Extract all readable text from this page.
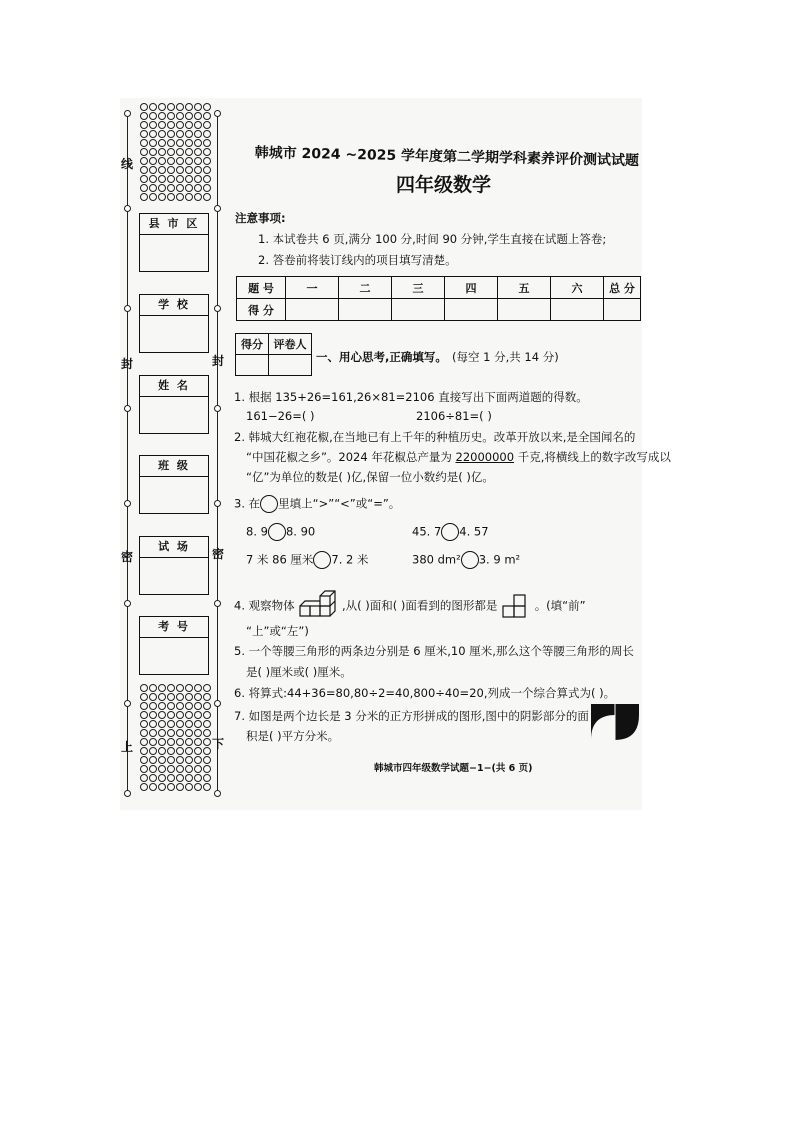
线
封
密
上
封
密
下
县 市 区
学 校
姓 名
班 级
试 场
考 号
韩城市 2024 ~2025 学年度第二学期学科素养评价测试试题
四年级数学
注意事项:
1. 本试卷共 6 页,满分 100 分,时间 90 分钟,学生直接在试题上答卷;
2. 答卷前将装订线内的项目填写清楚。
题 号	一	二	三	四	五	六	总 分
得 分							
得分	评卷人

一、用心思考,正确填写。 (每空 1 分,共 14 分)
1. 根据 135+26=161,26×81=2106 直接写出下面两道题的得数。
161−26=( )	2106÷81=( )
2. 韩城大红袍花椒,在当地已有上千年的种植历史。改革开放以来,是全国闻名的
“中国花椒之乡”。2024 年花椒总产量为 22000000 千克,将横线上的数字改写成以
“亿”为单位的数是( )亿,保留一位小数约是( )亿。
3. 在 里填上“>”“<”或“=”。
8. 9 8. 90	45. 7 4. 57
7 米 86 厘米 7. 2 米	380 dm² 3. 9 m²
4. 观察物体	,从( )面和( )面看到的图形都是	。(填“前”
“上”或“左”)
5. 一个等腰三角形的两条边分别是 6 厘米,10 厘米,那么这个等腰三角形的周长
是( )厘米或( )厘米。
6. 将算式:44+36=80,80÷2=40,800÷40=20,列成一个综合算式为( )。
7. 如图是两个边长是 3 分米的正方形拼成的图形,图中的阴影部分的面
积是( )平方分米。
韩城市四年级数学试题−1−(共 6 页)
